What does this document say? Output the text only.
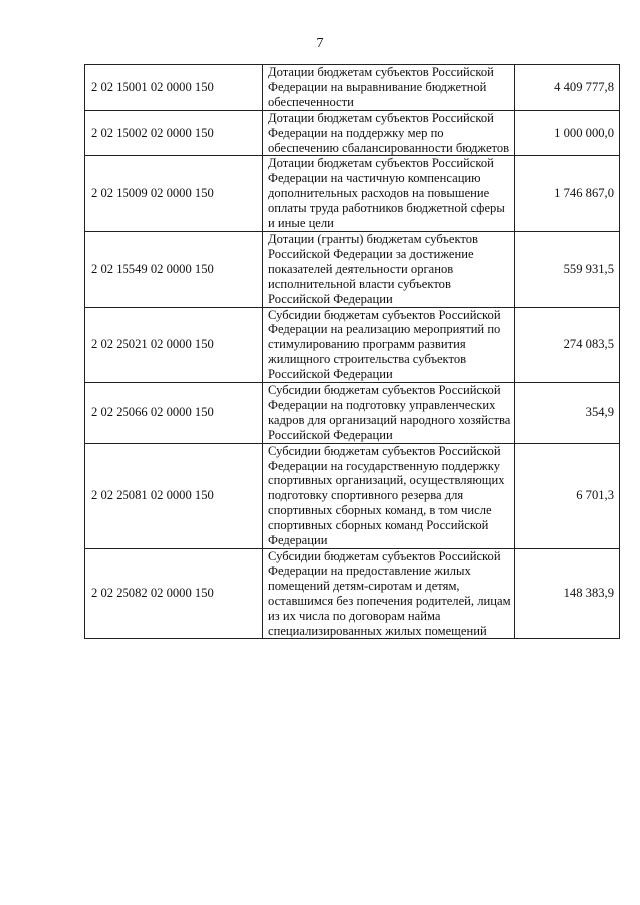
7
2 02 15001 02 0000 150	Дотации бюджетам субъектов Российской Федерации на выравнивание бюджетной обеспеченности	4 409 777,8
2 02 15002 02 0000 150	Дотации бюджетам субъектов Российской Федерации на поддержку мер по обеспечению сбалансированности бюджетов	1 000 000,0
2 02 15009 02 0000 150	Дотации бюджетам субъектов Российской Федерации на частичную компенсацию дополнительных расходов на повышение оплаты труда работников бюджетной сферы и иные цели	1 746 867,0
2 02 15549 02 0000 150	Дотации (гранты) бюджетам субъектов Российской Федерации за достижение показателей деятельности органов исполнительной власти субъектов Российской Федерации	559 931,5
2 02 25021 02 0000 150	Субсидии бюджетам субъектов Российской Федерации на реализацию мероприятий по стимулированию программ развития жилищного строительства субъектов Российской Федерации	274 083,5
2 02 25066 02 0000 150	Субсидии бюджетам субъектов Российской Федерации на подготовку управленческих кадров для организаций народного хозяйства Российской Федерации	354,9
2 02 25081 02 0000 150	Субсидии бюджетам субъектов Российской Федерации на государственную поддержку спортивных организаций, осуществляющих подготовку спортивного резерва для спортивных сборных команд, в том числе спортивных сборных команд Российской Федерации	6 701,3
2 02 25082 02 0000 150	Субсидии бюджетам субъектов Российской Федерации на предоставление жилых помещений детям-сиротам и детям, оставшимся без попечения родителей, лицам из их числа по договорам найма специализированных жилых помещений	148 383,9
